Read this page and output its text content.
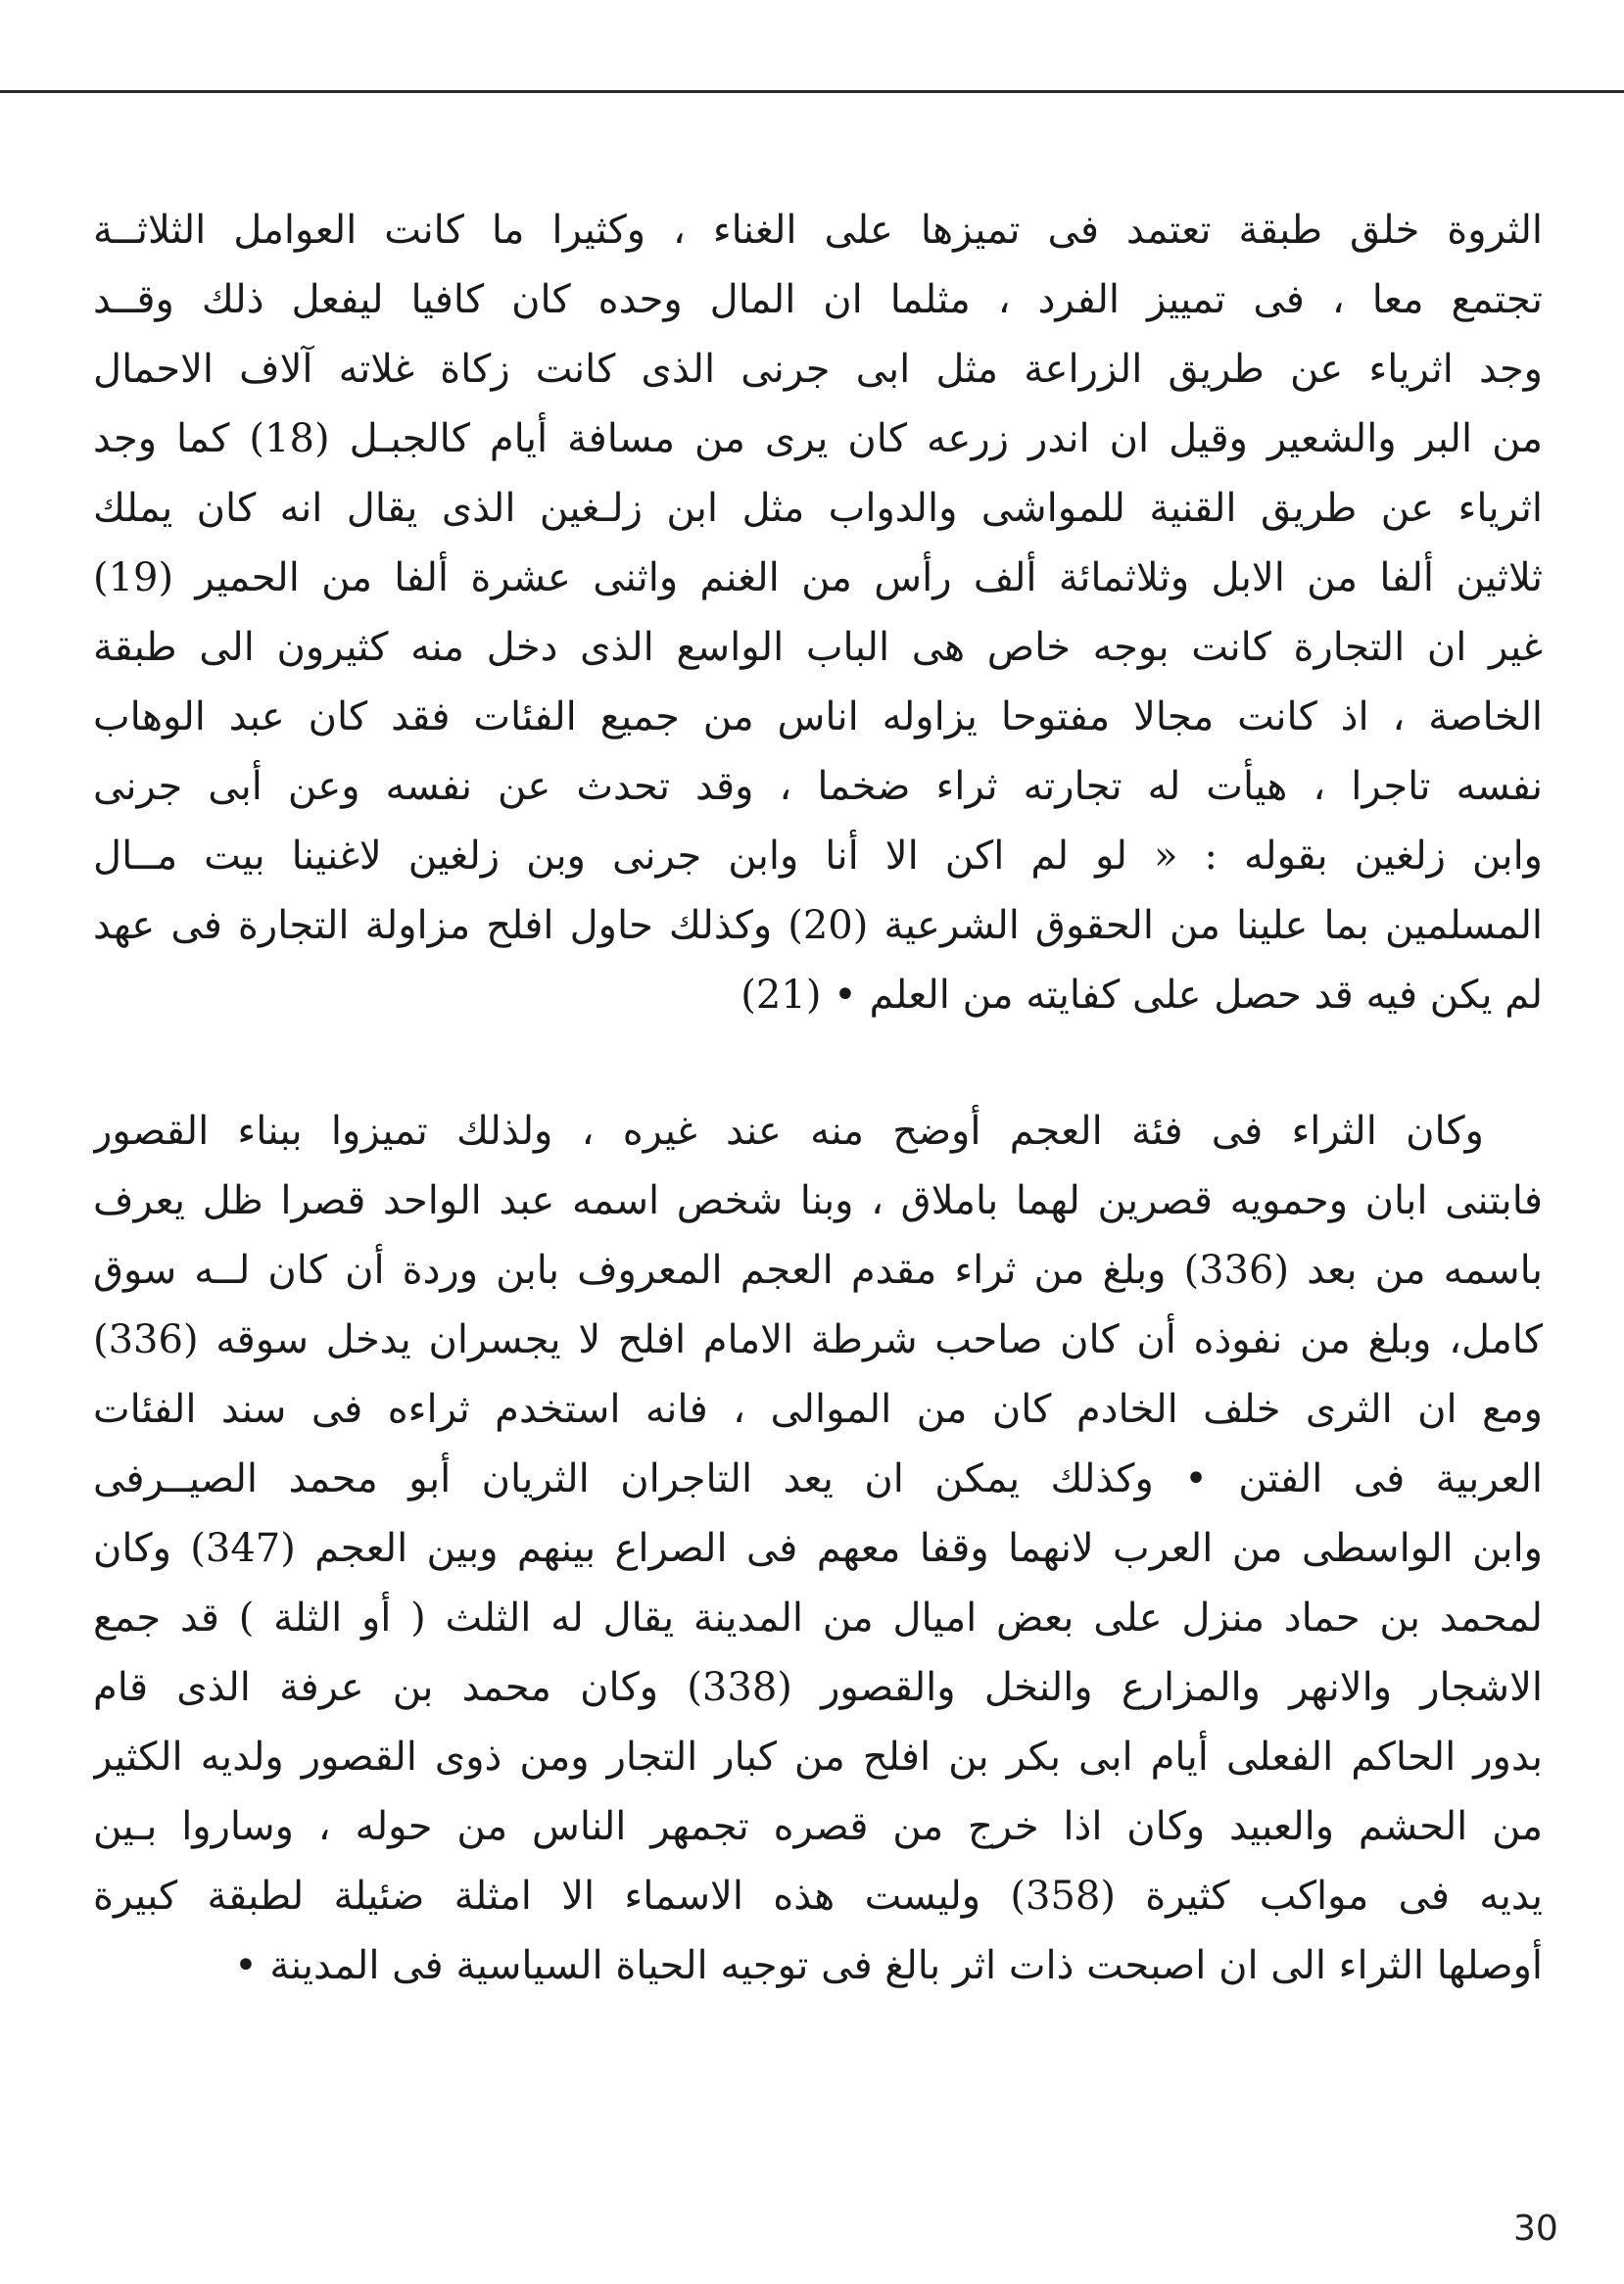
الثروة خلق طبقة تعتمد فى تميزها على الغناء ، وكثيرا ما كانت العوامل الثلاثــة
تجتمع معا ، فى تمييز الفرد ، مثلما ان المال وحده كان كافيا ليفعل ذلك وقــد
وجد اثرياء عن طريق الزراعة مثل ابى جرنى الذى كانت زكاة غلاته آلاف الاحمال
من البر والشعير وقيل ان اندر زرعه كان يرى من مسافة أيام كالجبـل (18) كما وجد
اثرياء عن طريق القنية للمواشى والدواب مثل ابن زلـغين الذى يقال انه كان يملك
ثلاثين ألفا من الابل وثلاثمائة ألف رأس من الغنم واثنى عشرة ألفا من الحمير (19)
غير ان التجارة كانت بوجه خاص هى الباب الواسع الذى دخل منه كثيرون الى طبقة
الخاصة ، اذ كانت مجالا مفتوحا يزاوله اناس من جميع الفئات فقد كان عبد الوهاب
نفسه تاجرا ، هيأت له تجارته ثراء ضخما ، وقد تحدث عن نفسه وعن أبى جرنى
وابن زلغين بقوله : « لو لم اكن الا أنا وابن جرنى وبن زلغين لاغنينا بيت مــال
المسلمين بما علينا من الحقوق الشرعية (20) وكذلك حاول افلح مزاولة التجارة فى عهد
لم يكن فيه قد حصل على كفايته من العلم • (21)
وكان الثراء فى فئة العجم أوضح منه عند غيره ، ولذلك تميزوا ببناء القصور
فابتنى ابان وحمويه قصرين لهما باملاق ، وبنا شخص اسمه عبد الواحد قصرا ظل يعرف
باسمه من بعد (336) وبلغ من ثراء مقدم العجم المعروف بابن وردة أن كان لــه سوق
كامل، وبلغ من نفوذه أن كان صاحب شرطة الامام افلح لا يجسران يدخل سوقه (336)
ومع ان الثرى خلف الخادم كان من الموالى ، فانه استخدم ثراءه فى سند الفئات
العربية فى الفتن • وكذلك يمكن ان يعد التاجران الثريان أبو محمد الصيــرفى
وابن الواسطى من العرب لانهما وقفا معهم فى الصراع بينهم وبين العجم (347) وكان
لمحمد بن حماد منزل على بعض اميال من المدينة يقال له الثلث ( أو الثلة ) قد جمع
الاشجار والانهر والمزارع والنخل والقصور (338) وكان محمد بن عرفة الذى قام
بدور الحاكم الفعلى أيام ابى بكر بن افلح من كبار التجار ومن ذوى القصور ولديه الكثير
من الحشم والعبيد وكان اذا خرج من قصره تجمهر الناس من حوله ، وساروا بـين
يديه فى مواكب كثيرة (358) وليست هذه الاسماء الا امثلة ضئيلة لطبقة كبيرة
أوصلها الثراء الى ان اصبحت ذات اثر بالغ فى توجيه الحياة السياسية فى المدينة •
30
